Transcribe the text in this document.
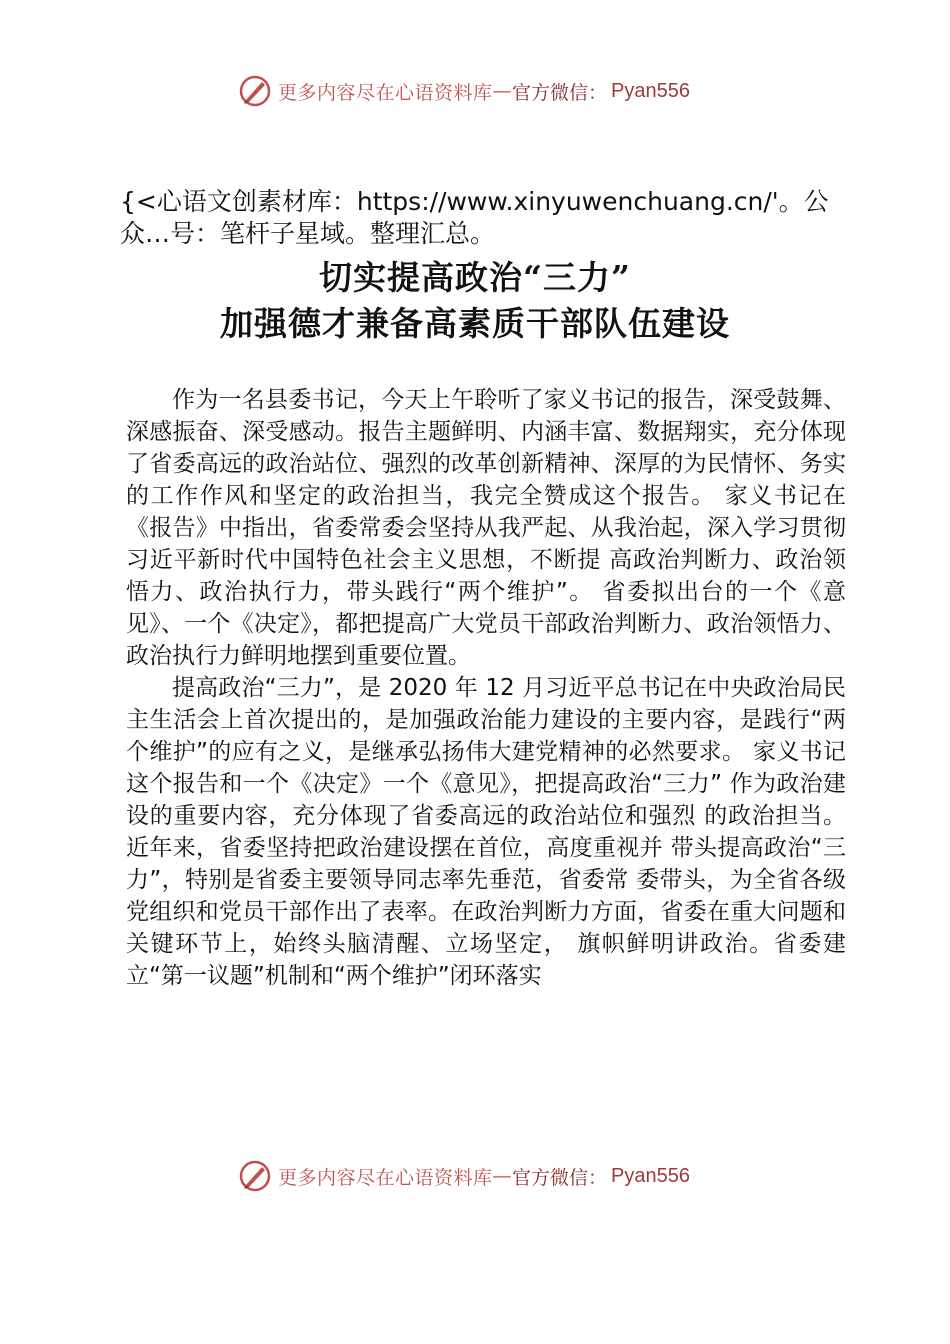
更多内容尽在心语资料库 — 官方微信： Pyan556
{<心语文创素材库：https://www.xinyuwenchuang.cn/'。公众…号：笔杆子星域。整理汇总。
切实提高政治“三力”
加强德才兼备高素质干部队伍建设

作为一名县委书记，今天上午聆听了家义书记的报告，深受鼓舞、深感振奋、深受感动。报告主题鲜明、内涵丰富、数据翔实，充分体现了省委高远的政治站位、强烈的改革创新精神、深厚的为民情怀、务实的工作作风和坚定的政治担当，我完全赞成这个报告。 家义书记在《报告》中指出，省委常委会坚持从我严起、从我治起，深入学习贯彻习近平新时代中国特色社会主义思想，不断提 高政治判断力、政治领悟力、政治执行力，带头践行“两个维护”。 省委拟出台的一个《意见》、一个《决定》，都把提高广大党员干部政治判断力、政治领悟力、政治执行力鲜明地摆到重要位置。

提高政治“三力”，是 2020 年 12 月习近平总书记在中央政治局民主生活会上首次提出的，是加强政治能力建设的主要内容，是践行“两个维护”的应有之义，是继承弘扬伟大建党精神的必然要求。 家义书记这个报告和一个《决定》一个《意见》，把提高政治“三力” 作为政治建设的重要内容，充分体现了省委高远的政治站位和强烈 的政治担当。近年来，省委坚持把政治建设摆在首位，高度重视并 带头提高政治“三力”，特别是省委主要领导同志率先垂范，省委常 委带头，为全省各级党组织和党员干部作出了表率。在政治判断力方面，省委在重大问题和关键环节上，始终头脑清醒、立场坚定， 旗帜鲜明讲政治。省委建立“第一议题”机制和“两个维护”闭环落实

更多内容尽在心语资料库 — 官方微信： Pyan556
